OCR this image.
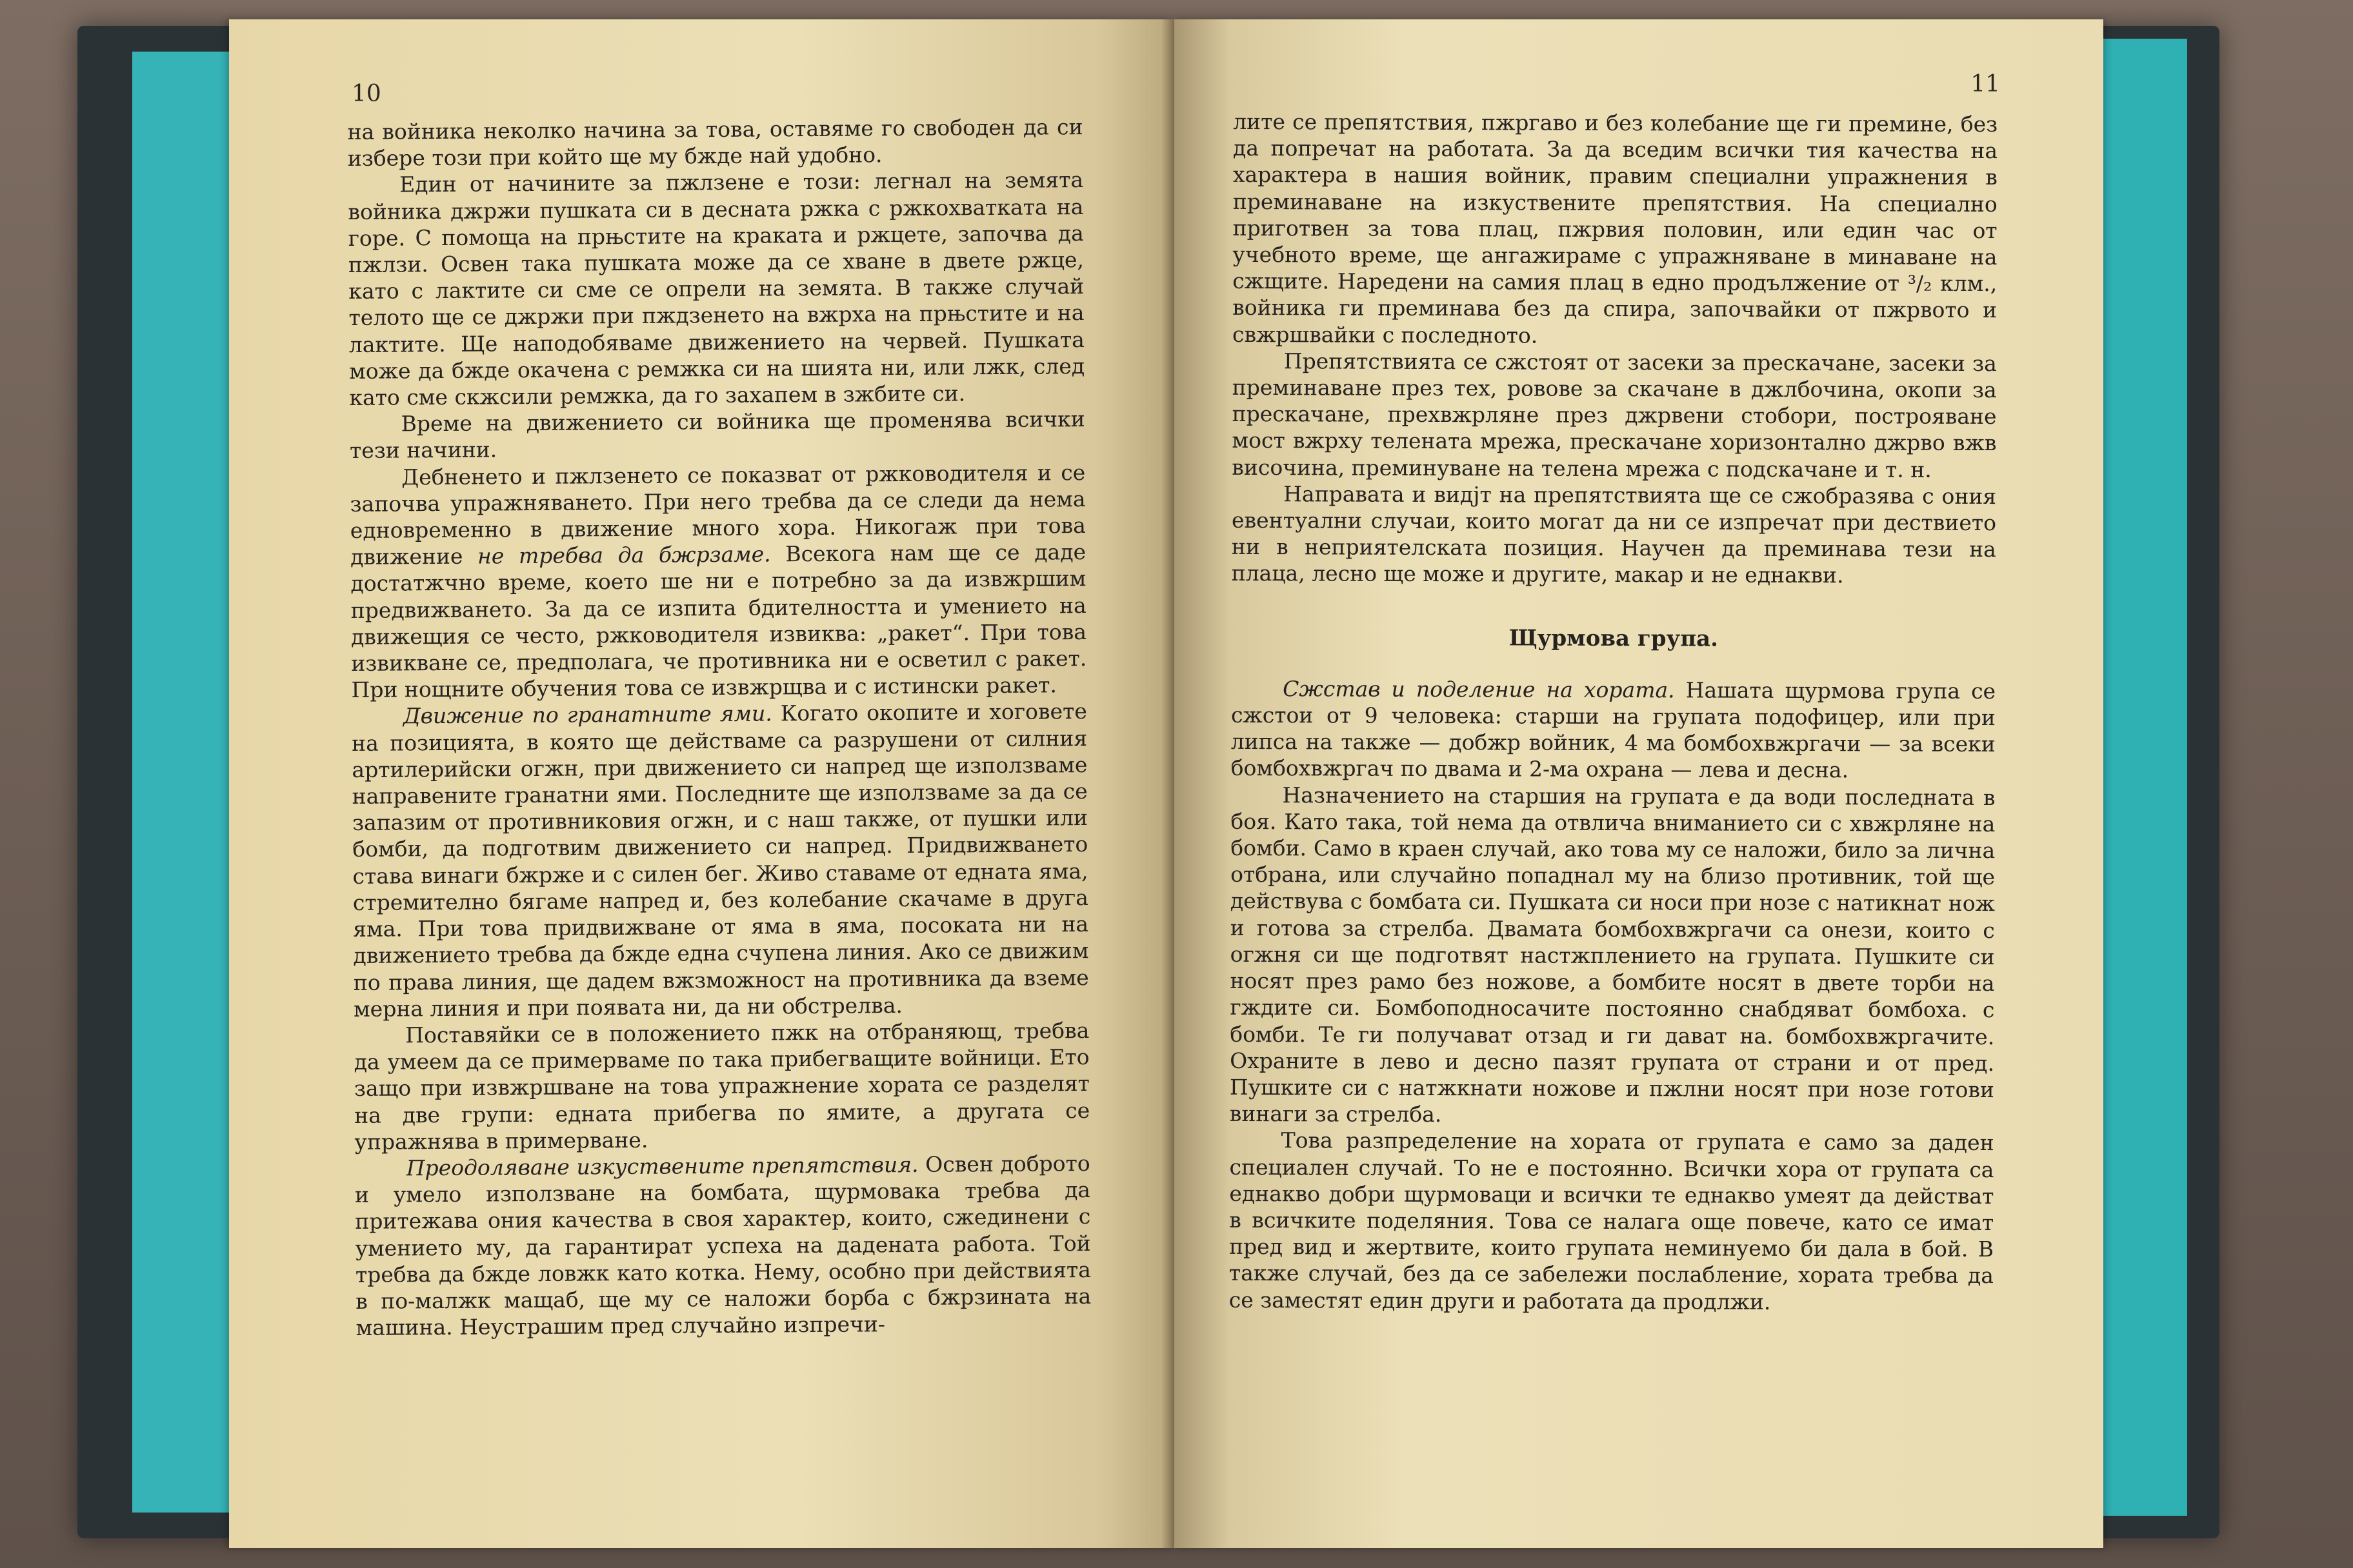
10

на войника неколко начина за това, оставяме го свободен да си избере този при който ще му бжде най удобно.

Един от начините за пжлзене е този: легнал на земята войника джржи пушката си в десната ржка с ржкохватката на горе. С помоща на прњстите на краката и ржцете, започва да пжлзи. Освен така пушката може да се хване в двете ржце, като с лактите си сме се опрели на земята. В также случай телото ще се джржи при пждзенето на вжрха на прњстите и на лактите. Ще наподобяваме движението на червей. Пушката може да бжде окачена с ремжка си на шията ни, или лжк, след като сме скжсили ремжка, да го захапем в зжбите си.

Време на движението си войника ще променява всички тези начини.

Дебненето и пжлзенето се показват от ржководителя и се започва упражняването. При него требва да се следи да нема едновременно в движение много хора. Никогаж при това движение не требва да бжрзаме. Всекога нам ще се даде достатжчно време, което ше ни е потребно за да извжршим предвижването. За да се изпита бдителността и умението на движещия се често, ржководителя извиква: „ракет“. При това извикване се, предполага, че противника ни е осветил с ракет. При нощните обучения това се извжрщва и с истински ракет.

Движение по гранатните ями. Когато окопите и хоговете на позицията, в която ще действаме са разрушени от силния артилерийски огжн, при движението си напред ще използваме направените гранатни ями. Последните ще използваме за да се запазим от противниковия огжн, и с наш также, от пушки или бомби, да подготвим движението си напред. Придвижването става винаги бжрже и с силен бег. Живо ставаме от едната яма, стремително бягаме напред и, без колебание скачаме в друга яма. При това придвижване от яма в яма, посоката ни на движението требва да бжде една счупена линия. Ако се движим по права линия, ще дадем вжзможност на противника да вземе мерна линия и при появата ни, да ни обстрелва.

Поставяйки се в положението пжк на отбраняющ, требва да умеем да се примерваме по така прибегващите войници. Ето защо при извжршване на това упражнение хората се разделят на две групи: едната прибегва по ямите, а другата се упражнява в примерване.

Преодоляване изкуствените препятствия. Освен доброто и умело използване на бомбата, щурмовака требва да притежава ония качества в своя характер, които, сжединени с умението му, да гарантират успеха на дадената работа. Той требва да бжде ловжк като котка. Нему, особно при действията в по-малжк мащаб, ще му се наложи борба с бжрзината на машина. Неустрашим пред случайно изпречи-

11

лите се препятствия, пжргаво и без колебание ще ги преминe, без да попречат на работата. За да вседим всички тия качества на характера в нашия войник, правим специални упражнения в преминаване на изкуствените препятствия. На специално приготвен за това плац, пжрвия половин, или един час от учебното време, ще ангажираме с упражняване в минаване на сжщите. Наредени на самия плац в едно продължение от ³/₂ клм., войника ги преминава без да спира, започвайки от пжрвото и свжршвайки с последното.

Препятствията се сжстоят от засеки за прескачане, засеки за преминаване през тех, ровове за скачане в джлбочина, окопи за прескачане, прехвжрляне през джрвени стобори, построяване мост вжрху телената мрежа, прескачане хоризонтално джрво вжв височина, преминуване на телена мрежа с подскачане и т. н.

Направата и видjт на препятствията ще се сжобразява с ония евентуални случаи, които могат да ни се изпречат при дествието ни в неприятелската позиция. Научен да преминава тези на плаца, лесно ще може и другите, макар и не еднакви.

Щурмова група.

Сжстав и поделение на хората. Нашата щурмова група се сжстои от 9 человека: старши на групата подофицер, или при липса на также — добжр войник, 4 ма бомбохвжргачи — за всеки бомбохвжргач по двама и 2-ма охрана — лева и десна.

Назначението на старшия на групата е да води последната в боя. Като така, той нема да отвлича вниманието си с хвжрляне на бомби. Само в краен случай, ако това му се наложи, било за лична отбрана, или случайно попаднал му на близо противник, той ще действува с бомбата си. Пушката си носи при нозе с натикнат нож и готова за стрелба. Двамата бомбохвжргачи са онези, които с огжня си ще подготвят настжплението на групата. Пушките си носят през рамо без ножове, а бомбите носят в двете торби на гждите си. Бомбоподносачите постоянно снабдяват бомбоха. с бомби. Те ги получават отзад и ги дават на. бомбохвжргачите. Охраните в лево и десно пазят групата от страни и от пред. Пушките си с натжкнати ножове и пжлни носят при нозе готови винаги за стрелба.

Това разпределение на хората от групата е само за даден специален случай. То не е постоянно. Всички хора от групата са еднакво добри щурмоваци и всички те еднакво умеят да действат в всичките поделяния. Това се налага още повече, като се имат пред вид и жертвите, които групата неминуемо би дала в бой. В также случай, без да се забележи послабление, хората требва да се заместят един други и работата да продлжи.
